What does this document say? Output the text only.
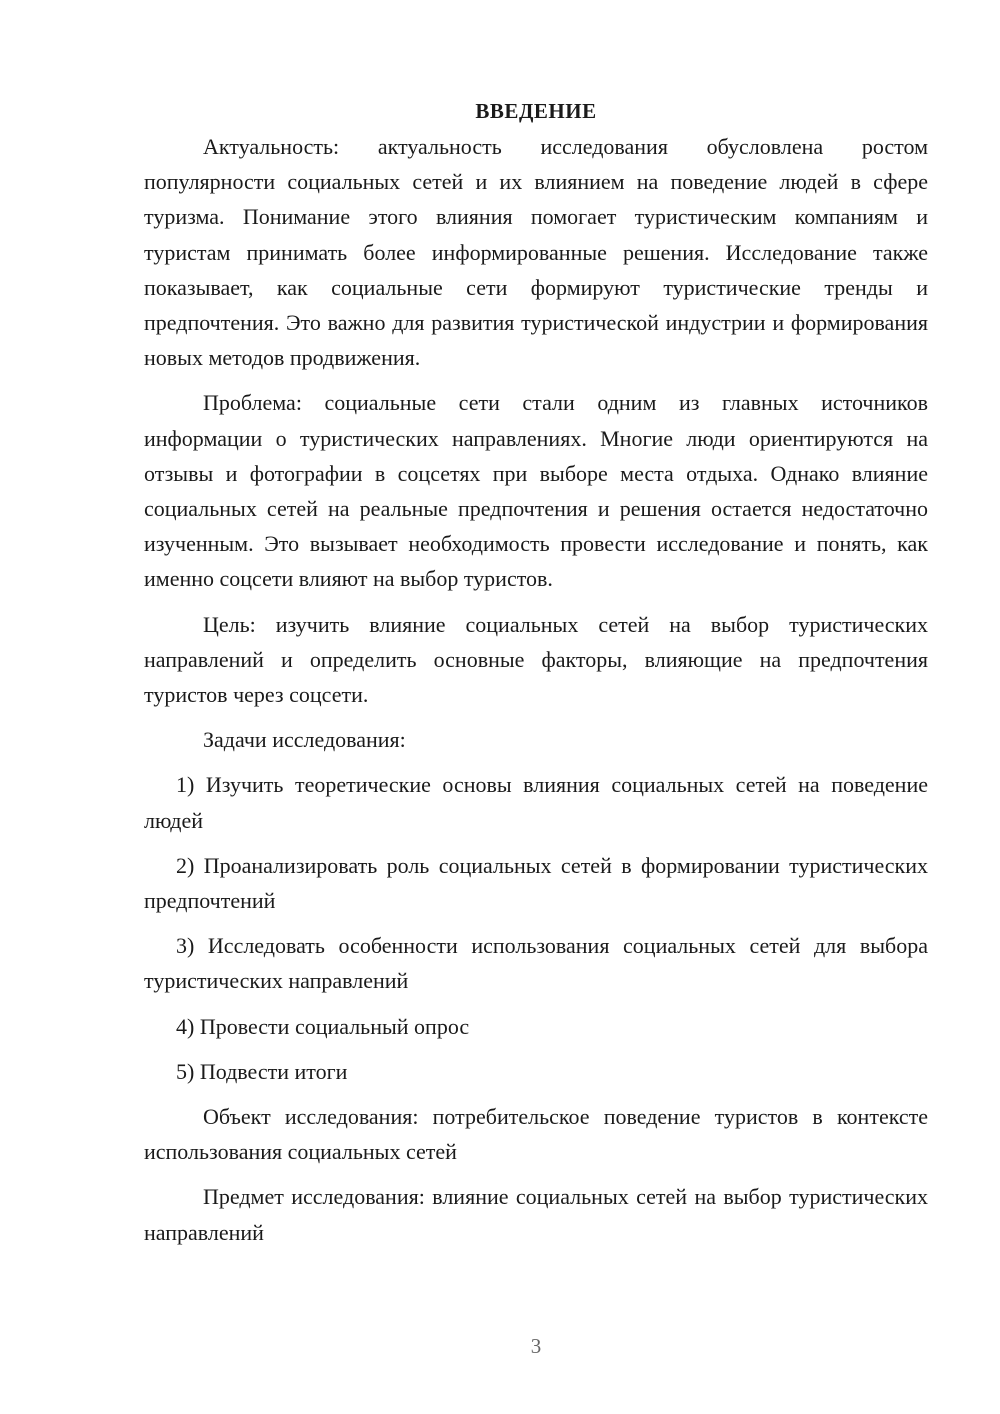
ВВЕДЕНИЕ

Актуальность: актуальность исследования обусловлена ростом популярности социальных сетей и их влиянием на поведение людей в сфере туризма. Понимание этого влияния помогает туристическим компаниям и туристам принимать более информированные решения. Исследование также показывает, как социальные сети формируют туристические тренды и предпочтения. Это важно для развития туристической индустрии и формирования новых методов продвижения.

Проблема: социальные сети стали одним из главных источников информации о туристических направлениях. Многие люди ориентируются на отзывы и фотографии в соцсетях при выборе места отдыха. Однако влияние социальных сетей на реальные предпочтения и решения остается недостаточно изученным. Это вызывает необходимость провести исследование и понять, как именно соцсети влияют на выбор туристов.

Цель: изучить влияние социальных сетей на выбор туристических направлений и определить основные факторы, влияющие на предпочтения туристов через соцсети.

Задачи исследования:

1) Изучить теоретические основы влияния социальных сетей на поведение людей

2) Проанализировать роль социальных сетей в формировании туристических предпочтений

3) Исследовать особенности использования социальных сетей для выбора туристических направлений

4) Провести социальный опрос

5) Подвести итоги

Объект исследования: потребительское поведение туристов в контексте использования социальных сетей

Предмет исследования: влияние социальных сетей на выбор туристических направлений

3
